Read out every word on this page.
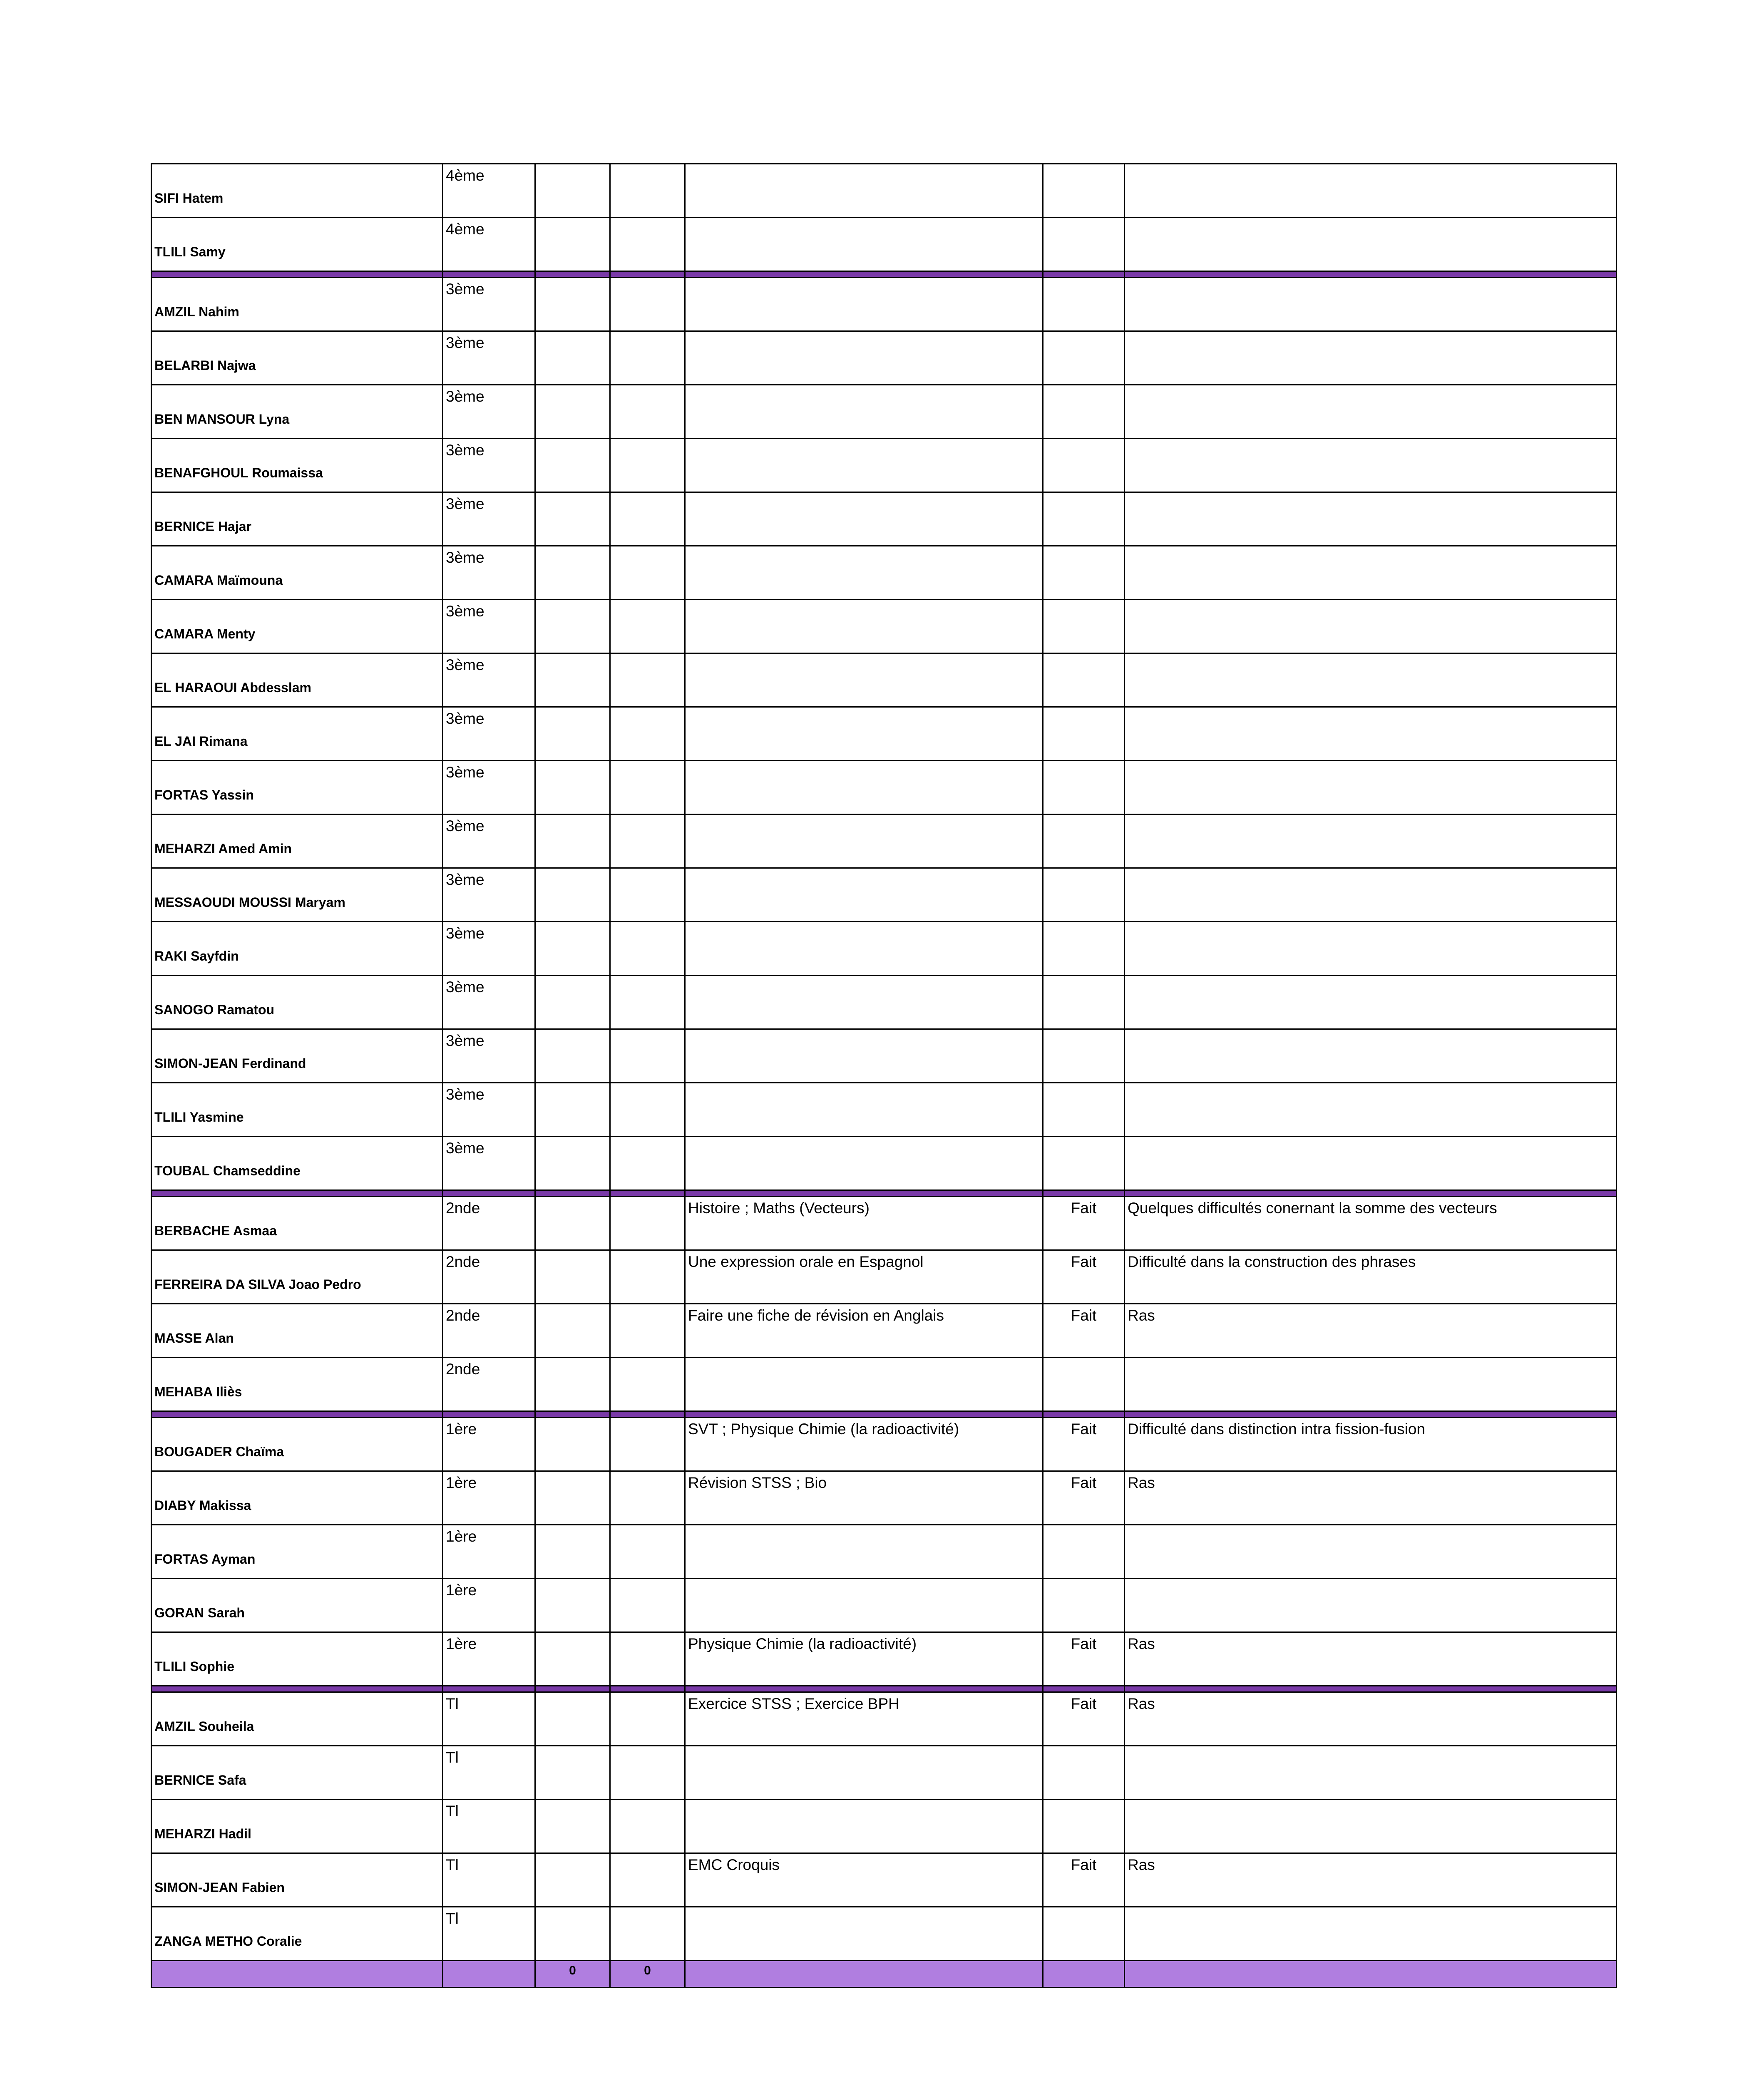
SIFI Hatem	4ème					
TLILI Samy	4ème					

AMZIL Nahim	3ème					
BELARBI Najwa	3ème					
BEN MANSOUR Lyna	3ème					
BENAFGHOUL Roumaissa	3ème					
BERNICE Hajar	3ème					
CAMARA Maïmouna	3ème					
CAMARA Menty	3ème					
EL HARAOUI Abdesslam	3ème					
EL JAI Rimana	3ème					
FORTAS Yassin	3ème					
MEHARZI Amed Amin	3ème					
MESSAOUDI MOUSSI Maryam	3ème					
RAKI Sayfdin	3ème					
SANOGO Ramatou	3ème					
SIMON-JEAN Ferdinand	3ème					
TLILI Yasmine	3ème					
TOUBAL Chamseddine	3ème					

BERBACHE Asmaa	2nde			Histoire ; Maths (Vecteurs)	Fait	Quelques difficultés conernant la somme des vecteurs
FERREIRA DA SILVA Joao Pedro	2nde			Une expression orale en Espagnol	Fait	Difficulté dans la construction des phrases
MASSE Alan	2nde			Faire une fiche de révision en Anglais	Fait	Ras
MEHABA Iliès	2nde					

BOUGADER Chaïma	1ère			SVT ; Physique Chimie (la radioactivité)	Fait	Difficulté dans distinction intra fission-fusion
DIABY Makissa	1ère			Révision STSS ; Bio	Fait	Ras
FORTAS Ayman	1ère					
GORAN Sarah	1ère					
TLILI Sophie	1ère			Physique Chimie (la radioactivité)	Fait	Ras

AMZIL Souheila	Tl			Exercice STSS ; Exercice BPH	Fait	Ras
BERNICE Safa	Tl					
MEHARZI Hadil	Tl					
SIMON-JEAN Fabien	Tl			EMC Croquis	Fait	Ras
ZANGA METHO Coralie	Tl					
		0	0			
